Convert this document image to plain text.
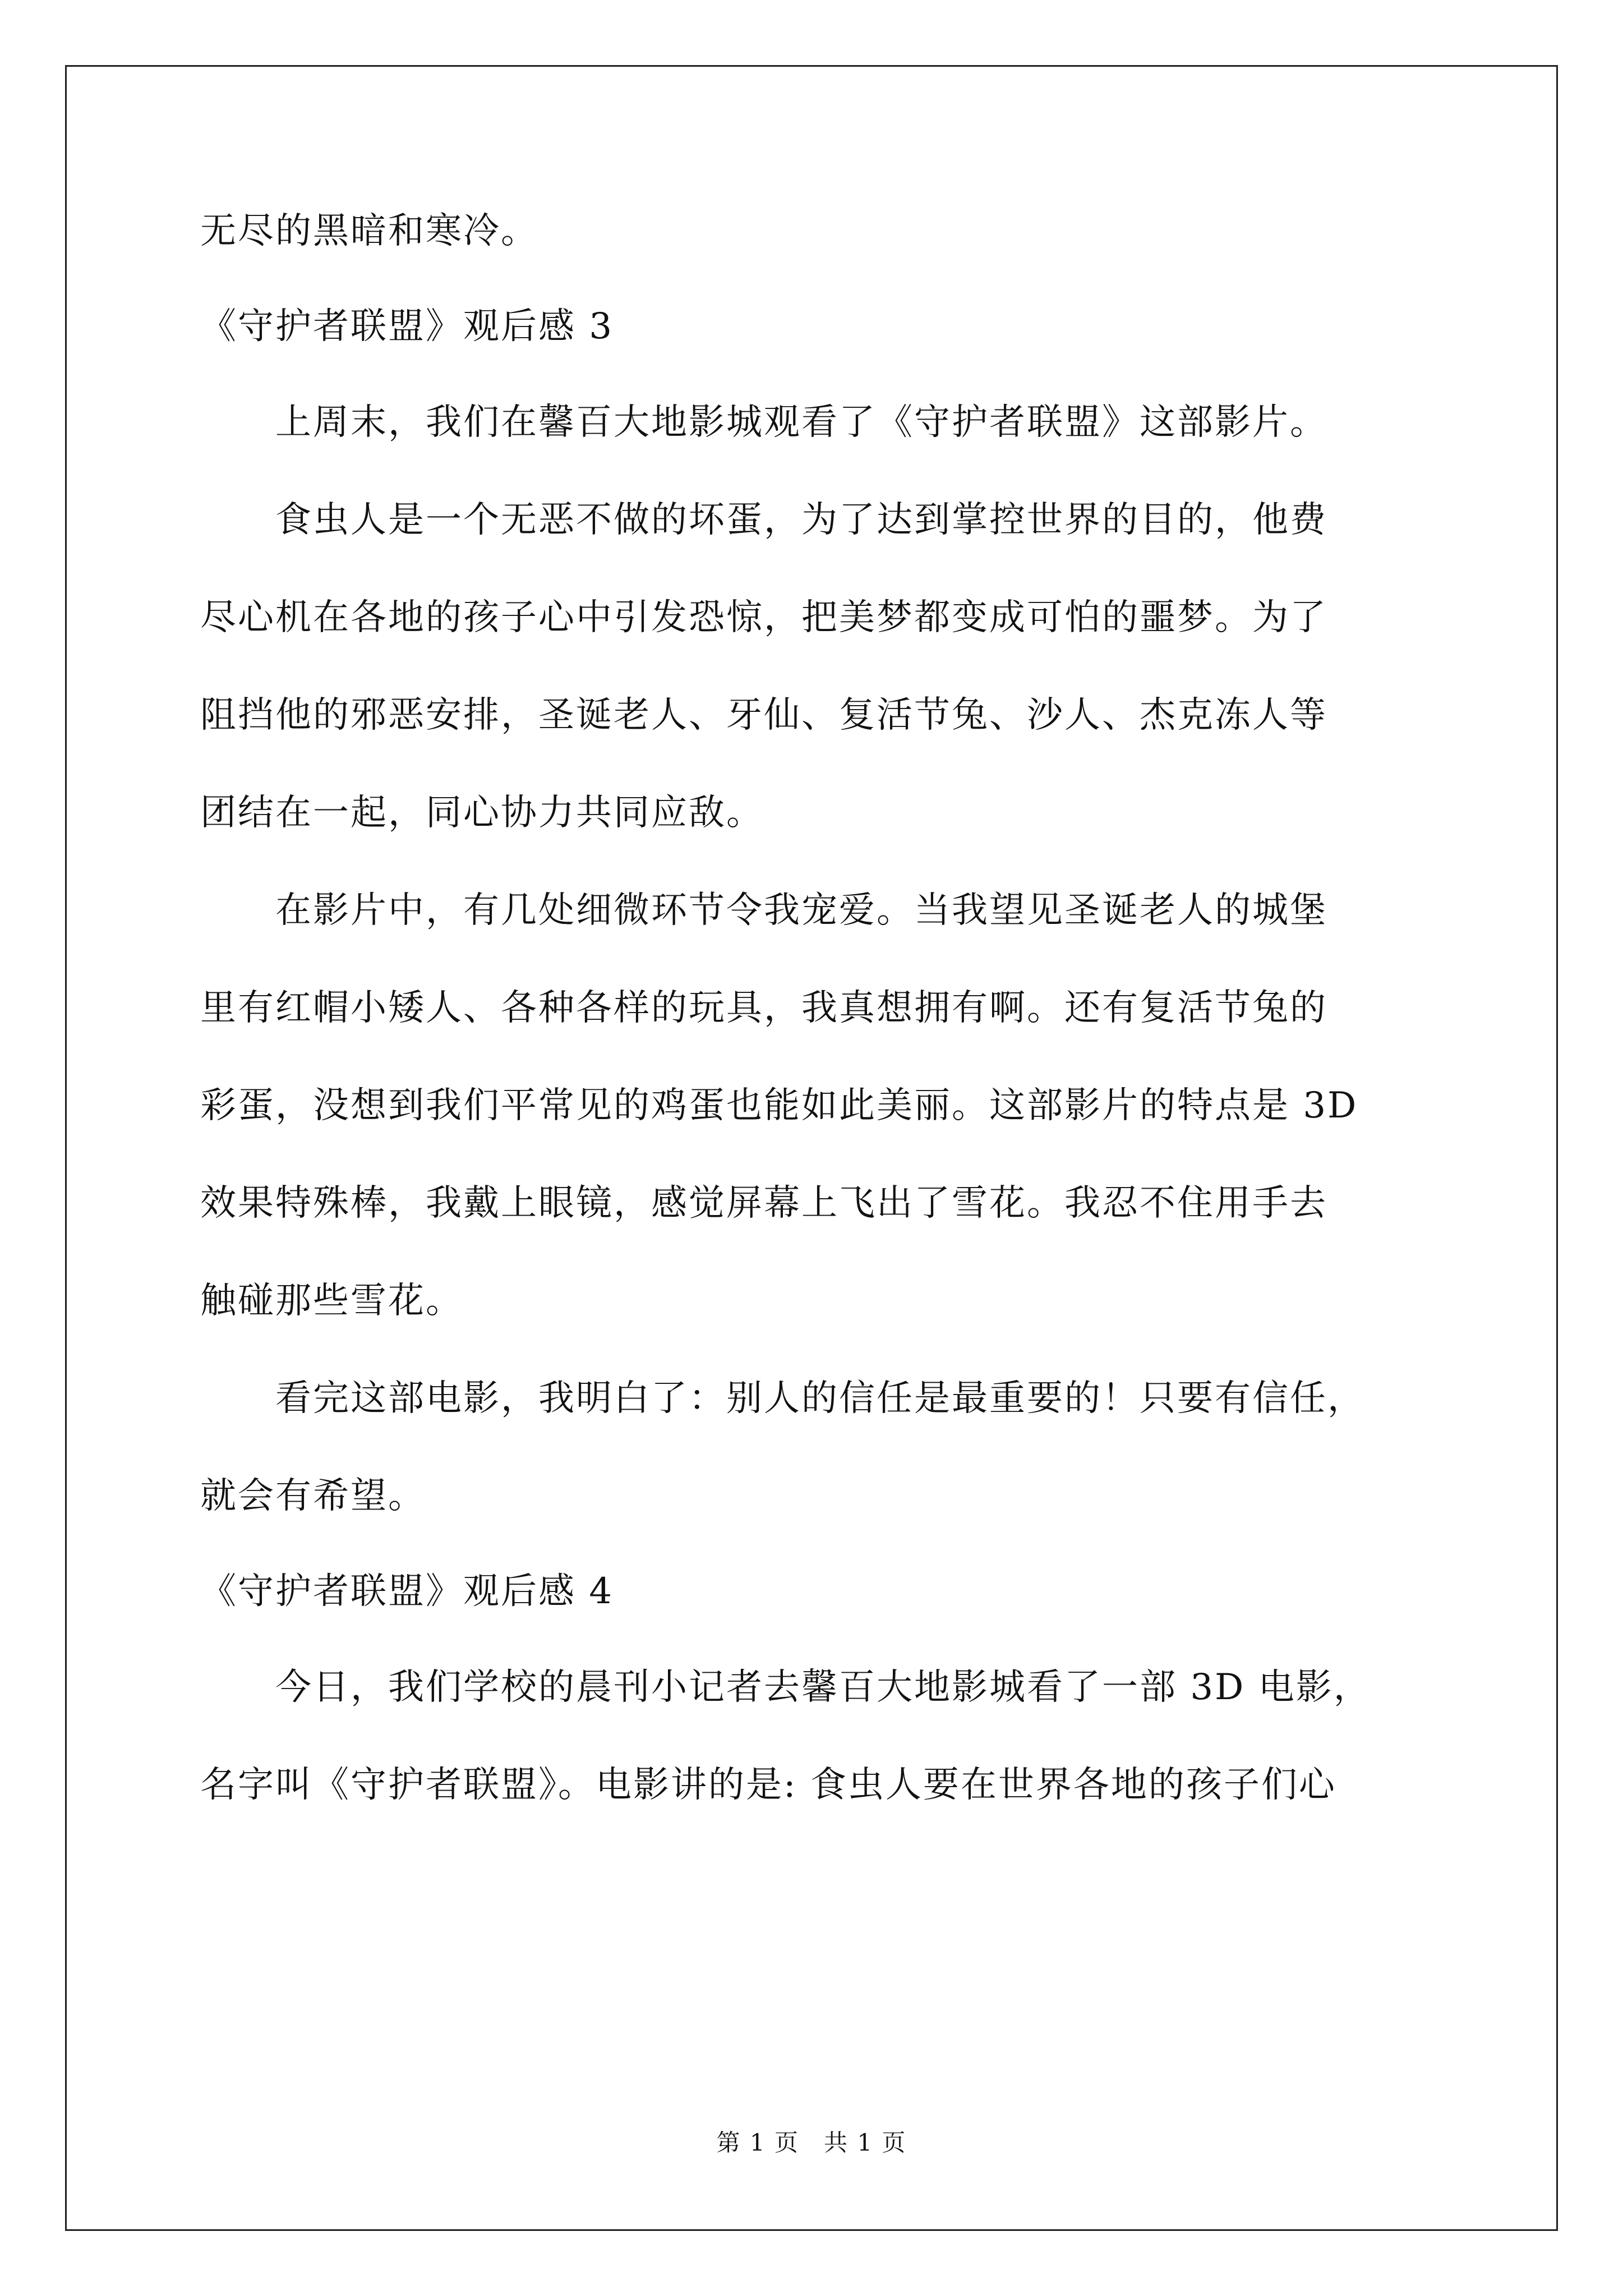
无尽的黑暗和寒冷。
《守护者联盟》观后感 3
　　上周末，我们在馨百大地影城观看了《守护者联盟》这部影片。
　　食虫人是一个无恶不做的坏蛋，为了达到掌控世界的目的，他费
尽心机在各地的孩子心中引发恐惊，把美梦都变成可怕的噩梦。为了
阻挡他的邪恶安排，圣诞老人、牙仙、复活节兔、沙人、杰克冻人等
团结在一起，同心协力共同应敌。
　　在影片中，有几处细微环节令我宠爱。当我望见圣诞老人的城堡
里有红帽小矮人、各种各样的玩具，我真想拥有啊。还有复活节兔的
彩蛋，没想到我们平常见的鸡蛋也能如此美丽。这部影片的特点是 3D
效果特殊棒，我戴上眼镜，感觉屏幕上飞出了雪花。我忍不住用手去
触碰那些雪花。
　　看完这部电影，我明白了：别人的信任是最重要的！只要有信任，
就会有希望。
《守护者联盟》观后感 4
　　今日，我们学校的晨刊小记者去馨百大地影城看了一部 3D 电影，
名字叫《守护者联盟》。电影讲的是: 食虫人要在世界各地的孩子们心
第 1 页　共 1 页
